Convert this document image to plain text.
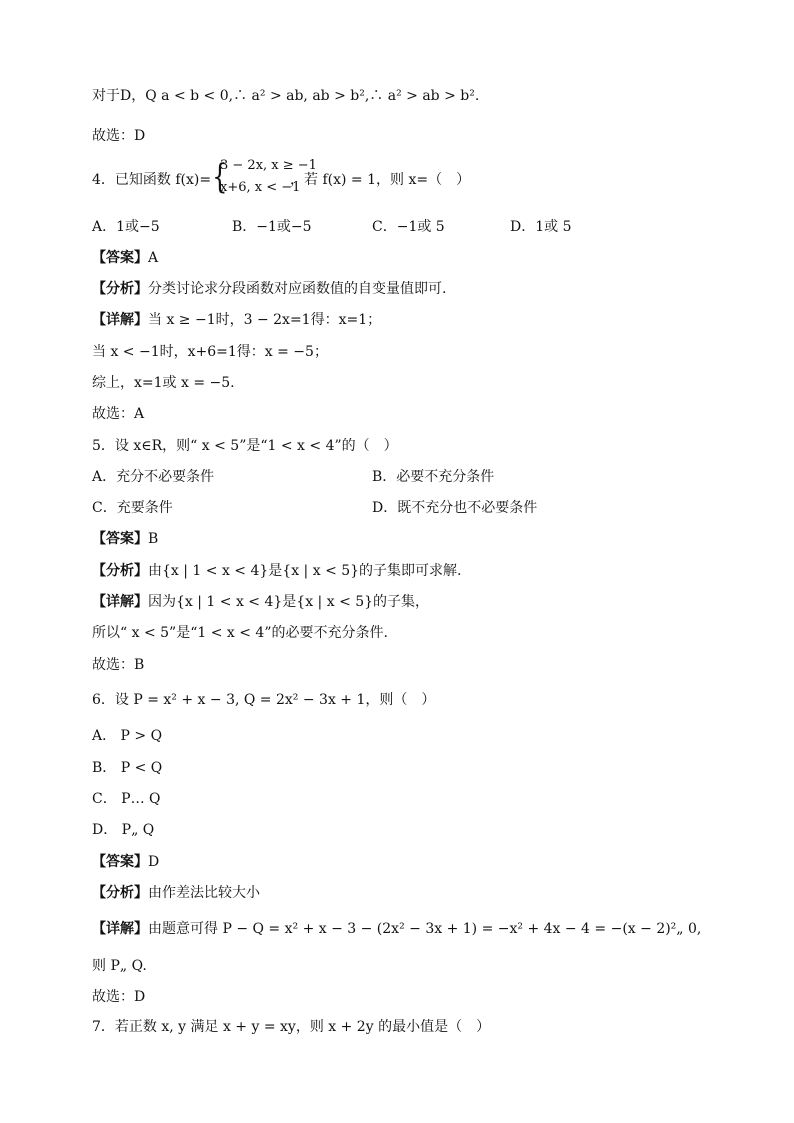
对于D，Q a < b < 0,∴ a² > ab, ab > b²,∴ a² > ab > b².
故选：D
4．已知函数 f(x)= {
3 − 2x, x ≥ −1
x+6, x < −1
，若 f(x) = 1，则 x=（　）
A．1或−5	B．−1或−5	C．−1或 5	D．1或 5
【答案】A
【分析】分类讨论求分段函数对应函数值的自变量值即可.
【详解】当 x ≥ −1时，3 − 2x=1得：x=1；
当 x < −1时，x+6=1得：x = −5；
综上，x=1或 x = −5.
故选：A
5．设 x∈R，则“ x < 5”是“1 < x < 4”的（　）
A．充分不必要条件	B．必要不充分条件
C．充要条件	D．既不充分也不必要条件
【答案】B
【分析】由{x | 1 < x < 4}是{x | x < 5}的子集即可求解.
【详解】因为{x | 1 < x < 4}是{x | x < 5}的子集，
所以“ x < 5”是“1 < x < 4”的必要不充分条件.
故选：B
6．设 P = x² + x − 3, Q = 2x² − 3x + 1，则（　）
A． P > Q
B． P < Q
C． P… Q
D． P„ Q
【答案】D
【分析】由作差法比较大小
【详解】由题意可得 P − Q = x² + x − 3 − (2x² − 3x + 1) = −x² + 4x − 4 = −(x − 2)²„ 0,
则 P„ Q.
故选：D
7．若正数 x, y 满足 x + y = xy，则 x + 2y 的最小值是（　）
